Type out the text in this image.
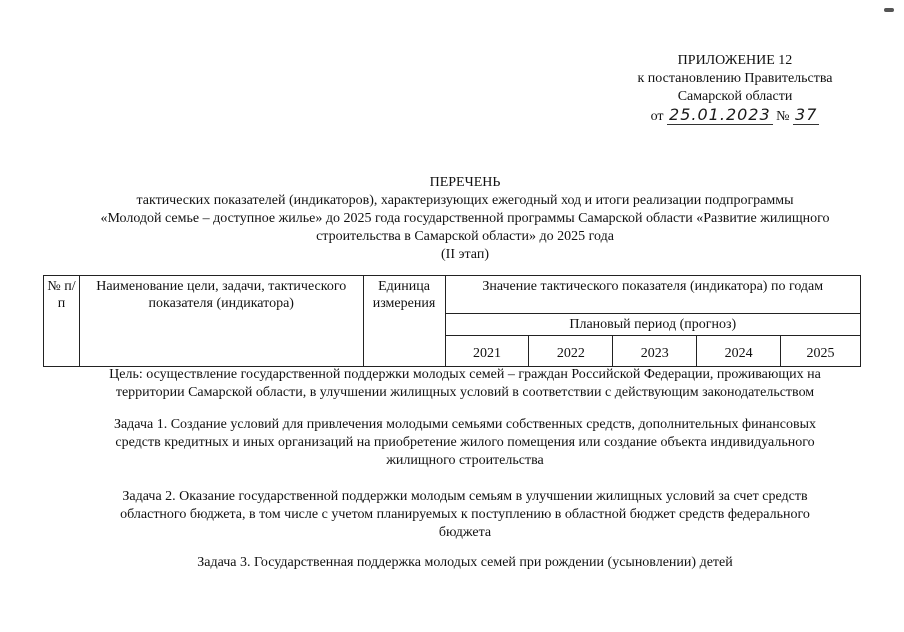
ПРИЛОЖЕНИЕ 12
к постановлению Правительства
Самарской области
от 25.01.2023 № 37
ПЕРЕЧЕНЬ
тактических показателей (индикаторов), характеризующих ежегодный ход и итоги реализации подпрограммы
«Молодой семье – доступное жилье» до 2025 года государственной программы Самарской области «Развитие жилищного
строительства в Самарской области» до 2025 года
(II этап)
№ п/п	Наименование цели, задачи, тактического показателя (индикатора)	Единица измерения	Значение тактического показателя (индикатора) по годам				
			Плановый период (прогноз)				
			2021	2022	2023	2024	2025
Цель: осуществление государственной поддержки молодых семей – граждан Российской Федерации, проживающих на
территории Самарской области, в улучшении жилищных условий в соответствии с действующим законодательством
Задача 1. Создание условий для привлечения молодыми семьями собственных средств, дополнительных финансовых
средств кредитных и иных организаций на приобретение жилого помещения или создание объекта индивидуального
жилищного строительства
Задача 2. Оказание государственной поддержки молодым семьям в улучшении жилищных условий за счет средств
областного бюджета, в том числе с учетом планируемых к поступлению в областной бюджет средств федерального
бюджета
Задача 3. Государственная поддержка молодых семей при рождении (усыновлении) детей
